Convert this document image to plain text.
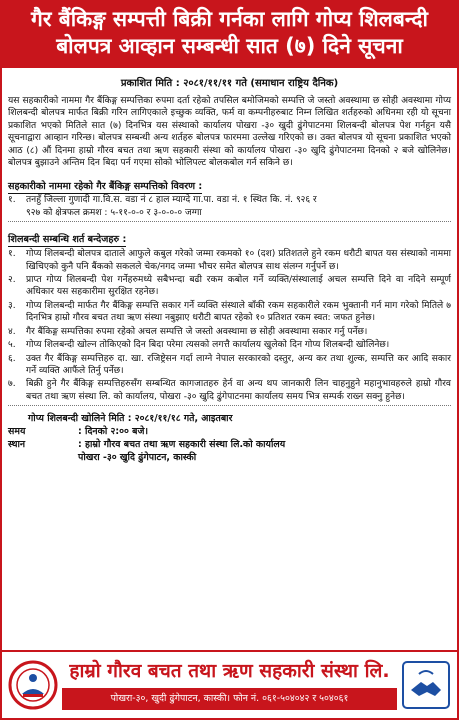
गैर बैंकिङ्ग सम्पत्ती बिक्री गर्नका लागि गोप्य शिलबन्दी
बोलपत्र आव्हान सम्बन्धी सात (७) दिने सूचना
प्रकाशित मिति : २०८१/११/११ गते (समाधान राष्ट्रिय दैनिक)
यस सहकारीको नाममा गैर बैंकिङ्ग सम्पत्तिका रुपमा दर्ता रहेको तपसिल बमोजिमको सम्पत्ति जे जस्तो अवस्थामा छ सोही अवस्थामा गोप्य शिलबन्दी बोलपत्र मार्फत बिक्री गरिन लागिएकाले इच्छुक व्यक्ति, फर्म वा कम्पनीहरुबाट निम्न लिखित शर्तहरुको अधिनमा रही यो सूचना प्रकाशित भएको मितिले सात (७) दिनभित्र यस संस्थाको कार्यालय पोखरा -३० खुदी ढुंगेपाटनमा शिलबन्दी बोलपत्र पेश गर्नहुन यसै सूचनाद्वारा आव्हान गरिन्छ। बोलपत्र सम्बन्धी अन्य शर्तहरु बोलपत्र फारममा उल्लेख गरिएको छ। उक्त बोलपत्र यो सूचना प्रकाशित भएको आठ (८) औं दिनमा हाम्रो गौरव बचत तथा ऋण सहकारी संस्था को कार्यालय पोखरा -३० खुदि ढुंगेपाटनमा दिनको २ बजे खोलिनेछ। बोलपत्र बुझाउने अन्तिम दिन बिदा पर्न गएमा सोको भोलिपल्ट बोलकबोल गर्न सकिने छ।
सहकारीको नाममा रहेको गैर बैंकिङ्ग सम्पत्तिको विवरण :
१.	तनहुँ जिल्ला गुणादी गा.वि.स. वडा नं ८ हाल म्याग्दे गा.पा. वडा नं. १ स्थित कि. नं. ९२६ र
९२७ को क्षेत्रफल क्रमश : ५-११-०-० र ३-०-०-० जग्गा
शिलबन्दी सम्बन्धि शर्त बन्देजहरु :
१.	गोप्य शिलबन्दी बोलपत्र दाताले आफुले कबुल गरेको जम्मा रकमको १० (दश) प्रतिशतले हुने रकम धरौटी बापत यस संस्थाको नाममा खिचिएको कुनै पनि बैंकको सकलले चेक/नगद जम्मा भौचर समेत बोलपत्र साथ संलग्न गर्नुपर्ने छ।
२.	प्राप्त गोप्य शिलबन्दी पेश गर्नेहरुमध्ये सबैभन्दा बढी रकम कबोल गर्ने व्यक्ति/संस्थालाई अचल सम्पत्ति दिने वा नदिने सम्पूर्ण अधिकार यस सहकारीमा सुरक्षित रहनेछ।
३.	गोप्य शिलबन्दी मार्फत गैर बैंकिङ्ग सम्पत्ति सकार गर्ने व्यक्ति संस्थाले बाँकी रकम सहकारीले रकम भुक्तानी गर्न माग गरेको मितिले ७ दिनभित्र हाम्रो गौरव बचत तथा ऋण संस्था नबुझाए धरौटी बापत रहेको १० प्रतिशत रकम स्वत: जफत हुनेछ।
४.	गैर बैंकिङ्ग सम्पत्तिका रुपमा रहेको अचल सम्पत्ति जे जस्तो अवस्थामा छ सोही अवस्थामा सकार गर्नु पर्नेछ।
५.	गोप्य शिलबन्दी खोल्न तोकिएको दिन बिदा परेमा त्यसको लगत्तै कार्यालय खुलेको दिन गोप्य शिलबन्दी खोलिनेछ।
६.	उक्त गैर बैंकिङ्ग सम्पत्तिहरु दा. खा. रजिष्ट्रेसन गर्दा लाग्ने नेपाल सरकारको दस्तुर, अन्य कर तथा शुल्क, सम्पत्ति कर आदि सकार गर्ने व्यक्ति आफैंले तिर्नु पर्नेछ।
७.	बिक्री हुने गैर बैंकिङ्ग सम्पत्तिहरुसँग सम्बन्धित कागजातहरु हेर्न वा अन्य थप जानकारी लिन चाहनुहुने महानुभावहरुले हाम्रो गौरव बचत तथा ऋण संस्था लि. को कार्यालय, पोखरा -३० खुदि ढुंगेपाटनमा कार्यालय समय भित्र सम्पर्क राख्न सक्नु हुनेछ।
गोप्य शिलबन्दी खोलिने मिति : २०८१/११/१८ गते, आइतबार
समय	: दिनको २:०० बजे।
स्थान	: हाम्रो गौरव बचत तथा ऋण सहकारी संस्था लि.को कार्यालय
पोखरा -३० खुदि ढुंगेपाटन, कास्की
हाम्रो गौरव बचत तथा ऋण सहकारी संस्था लि.
पोखरा-३०, खुदी ढुंगेपाटन, कास्की। फोन नं. ०६१-५०४०४२ र ५०४०६१
